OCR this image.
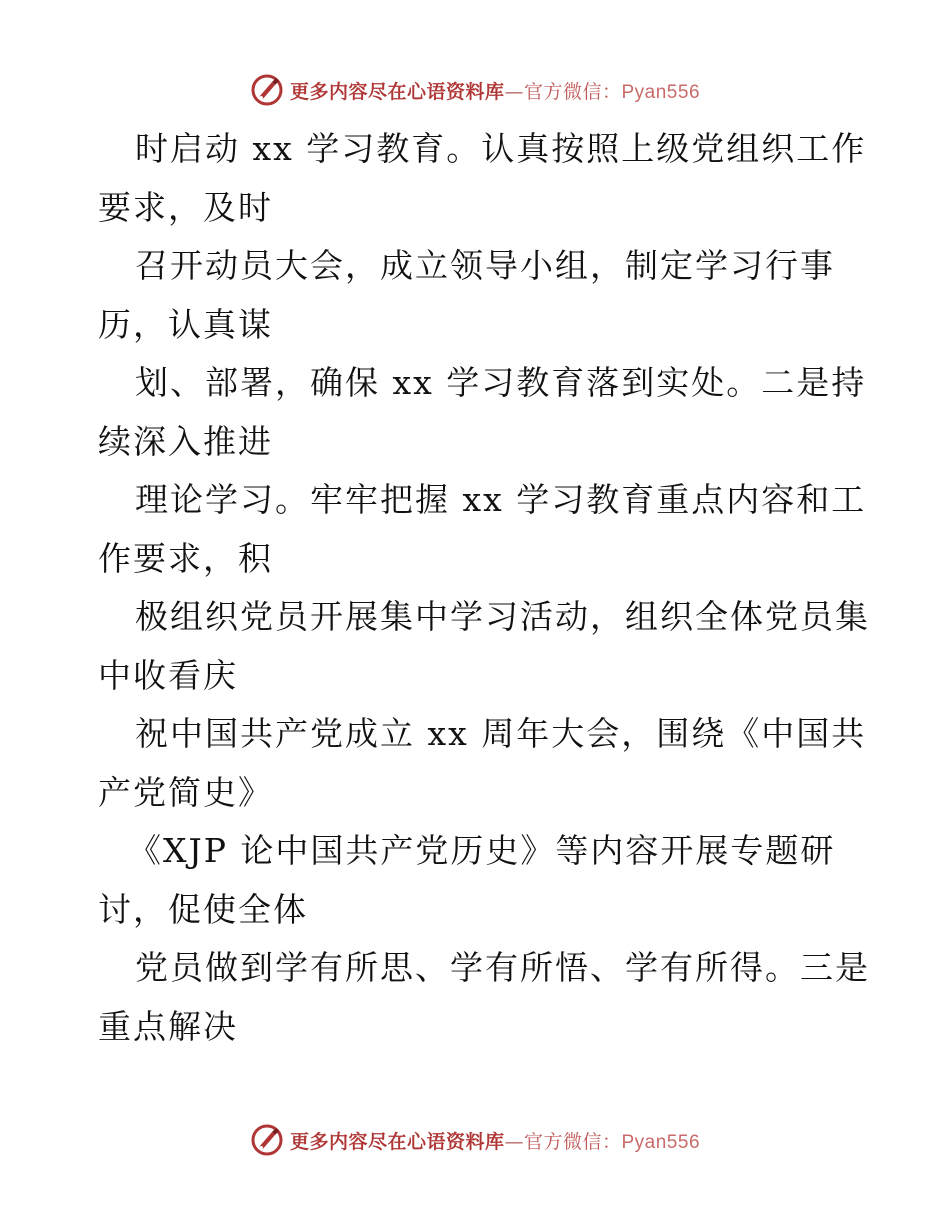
更多内容尽在心语资料库—官方微信：Pyan556
时启动 xx 学习教育。认真按照上级党组织工作
要求，及时
召开动员大会，成立领导小组，制定学习行事
历，认真谋
划、部署，确保 xx 学习教育落到实处。二是持
续深入推进
理论学习。牢牢把握 xx 学习教育重点内容和工
作要求，积
极组织党员开展集中学习活动，组织全体党员集
中收看庆
祝中国共产党成立 xx 周年大会，围绕《中国共
产党简史》
《XJP 论中国共产党历史》等内容开展专题研
讨，促使全体
党员做到学有所思、学有所悟、学有所得。三是
重点解决
更多内容尽在心语资料库—官方微信：Pyan556
